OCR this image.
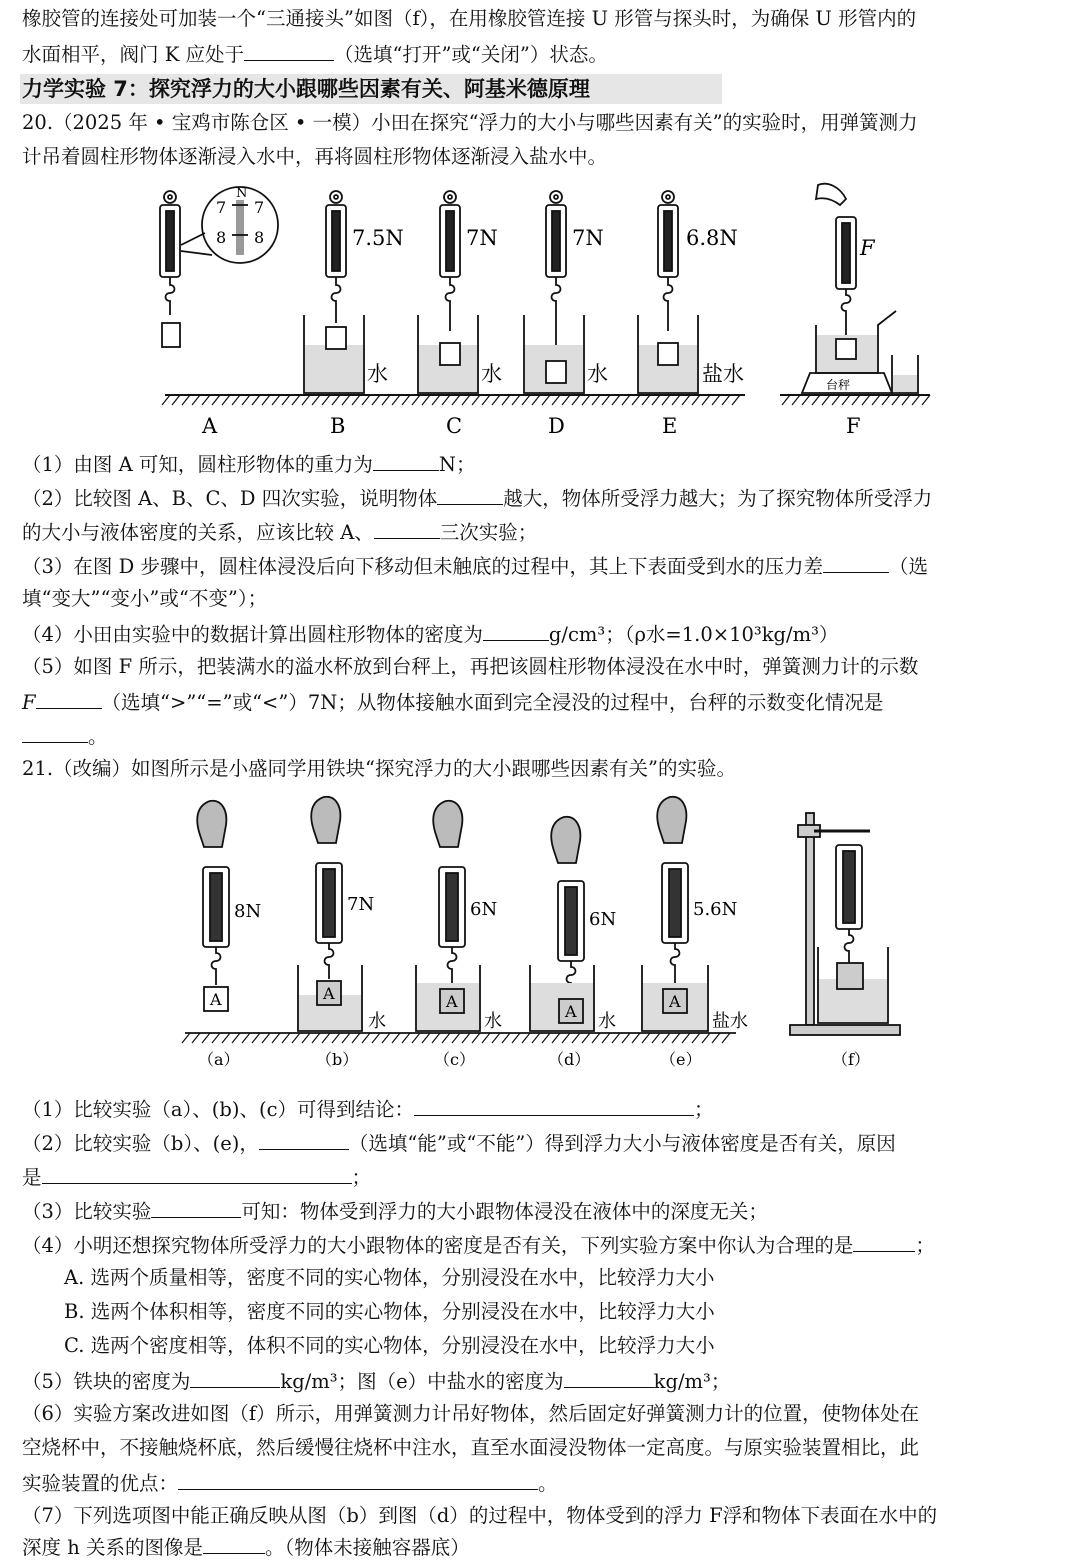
橡胶管的连接处可加装一个“三通接头”如图（f），在用橡胶管连接 U 形管与探头时，为确保 U 形管内的
水面相平，阀门 K 应处于	（选填“打开”或“关闭”）状态。
力学实验 7：探究浮力的大小跟哪些因素有关、阿基米德原理
20.（2025 年 • 宝鸡市陈仓区 • 一模）小田在探究“浮力的大小与哪些因素有关”的实验时，用弹簧测力
计吊着圆柱形物体逐渐浸入水中，再将圆柱形物体逐渐浸入盐水中。
N
7 7
8 8	7.5N
水
7N
水
7N
水
6.8N
盐水
F
台秤
A	B	C	D	E	F
（1）由图 A 可知，圆柱形物体的重力为	N；
（2）比较图 A、B、C、D 四次实验，说明物体	越大，物体所受浮力越大；为了探究物体所受浮力
的大小与液体密度的关系，应该比较 A、	三次实验；
（3）在图 D 步骤中，圆柱体浸没后向下移动但未触底的过程中，其上下表面受到水的压力差	（选
填“变大”“变小”或“不变”）；
（4）小田由实验中的数据计算出圆柱形物体的密度为	g/cm³；（ρ水=1.0×10³kg/m³）
（5）如图 F 所示，把装满水的溢水杯放到台秤上，再把该圆柱形物体浸没在水中时，弹簧测力计的示数
F	（选填“>”“=”或“<”）7N；从物体接触水面到完全浸没的过程中，台秤的示数变化情况是
。
21.（改编）如图所示是小盛同学用铁块“探究浮力的大小跟哪些因素有关”的实验。
8N
A
7N
A
水
6N
A
水
6N
A 水
5.6N
A
盐水
（a）	（b）	（c）	（d）	（e）	（f）
（1）比较实验（a）、(b)、(c）可得到结论：	；
（2）比较实验（b）、(e)，	（选填“能”或“不能”）得到浮力大小与液体密度是否有关，原因
是	；
（3）比较实验	可知：物体受到浮力的大小跟物体浸没在液体中的深度无关；
（4）小明还想探究物体所受浮力的大小跟物体的密度是否有关，下列实验方案中你认为合理的是	；
A. 选两个质量相等，密度不同的实心物体，分别浸没在水中，比较浮力大小
B. 选两个体积相等，密度不同的实心物体，分别浸没在水中，比较浮力大小
C. 选两个密度相等，体积不同的实心物体，分别浸没在水中，比较浮力大小
（5）铁块的密度为	kg/m³；图（e）中盐水的密度为	kg/m³；
（6）实验方案改进如图（f）所示，用弹簧测力计吊好物体，然后固定好弹簧测力计的位置，使物体处在
空烧杯中，不接触烧杯底，然后缓慢往烧杯中注水，直至水面浸没物体一定高度。与原实验装置相比，此
实验装置的优点：	。
（7）下列选项图中能正确反映从图（b）到图（d）的过程中，物体受到的浮力 F浮和物体下表面在水中的
深度 h 关系的图像是	。（物体未接触容器底）
